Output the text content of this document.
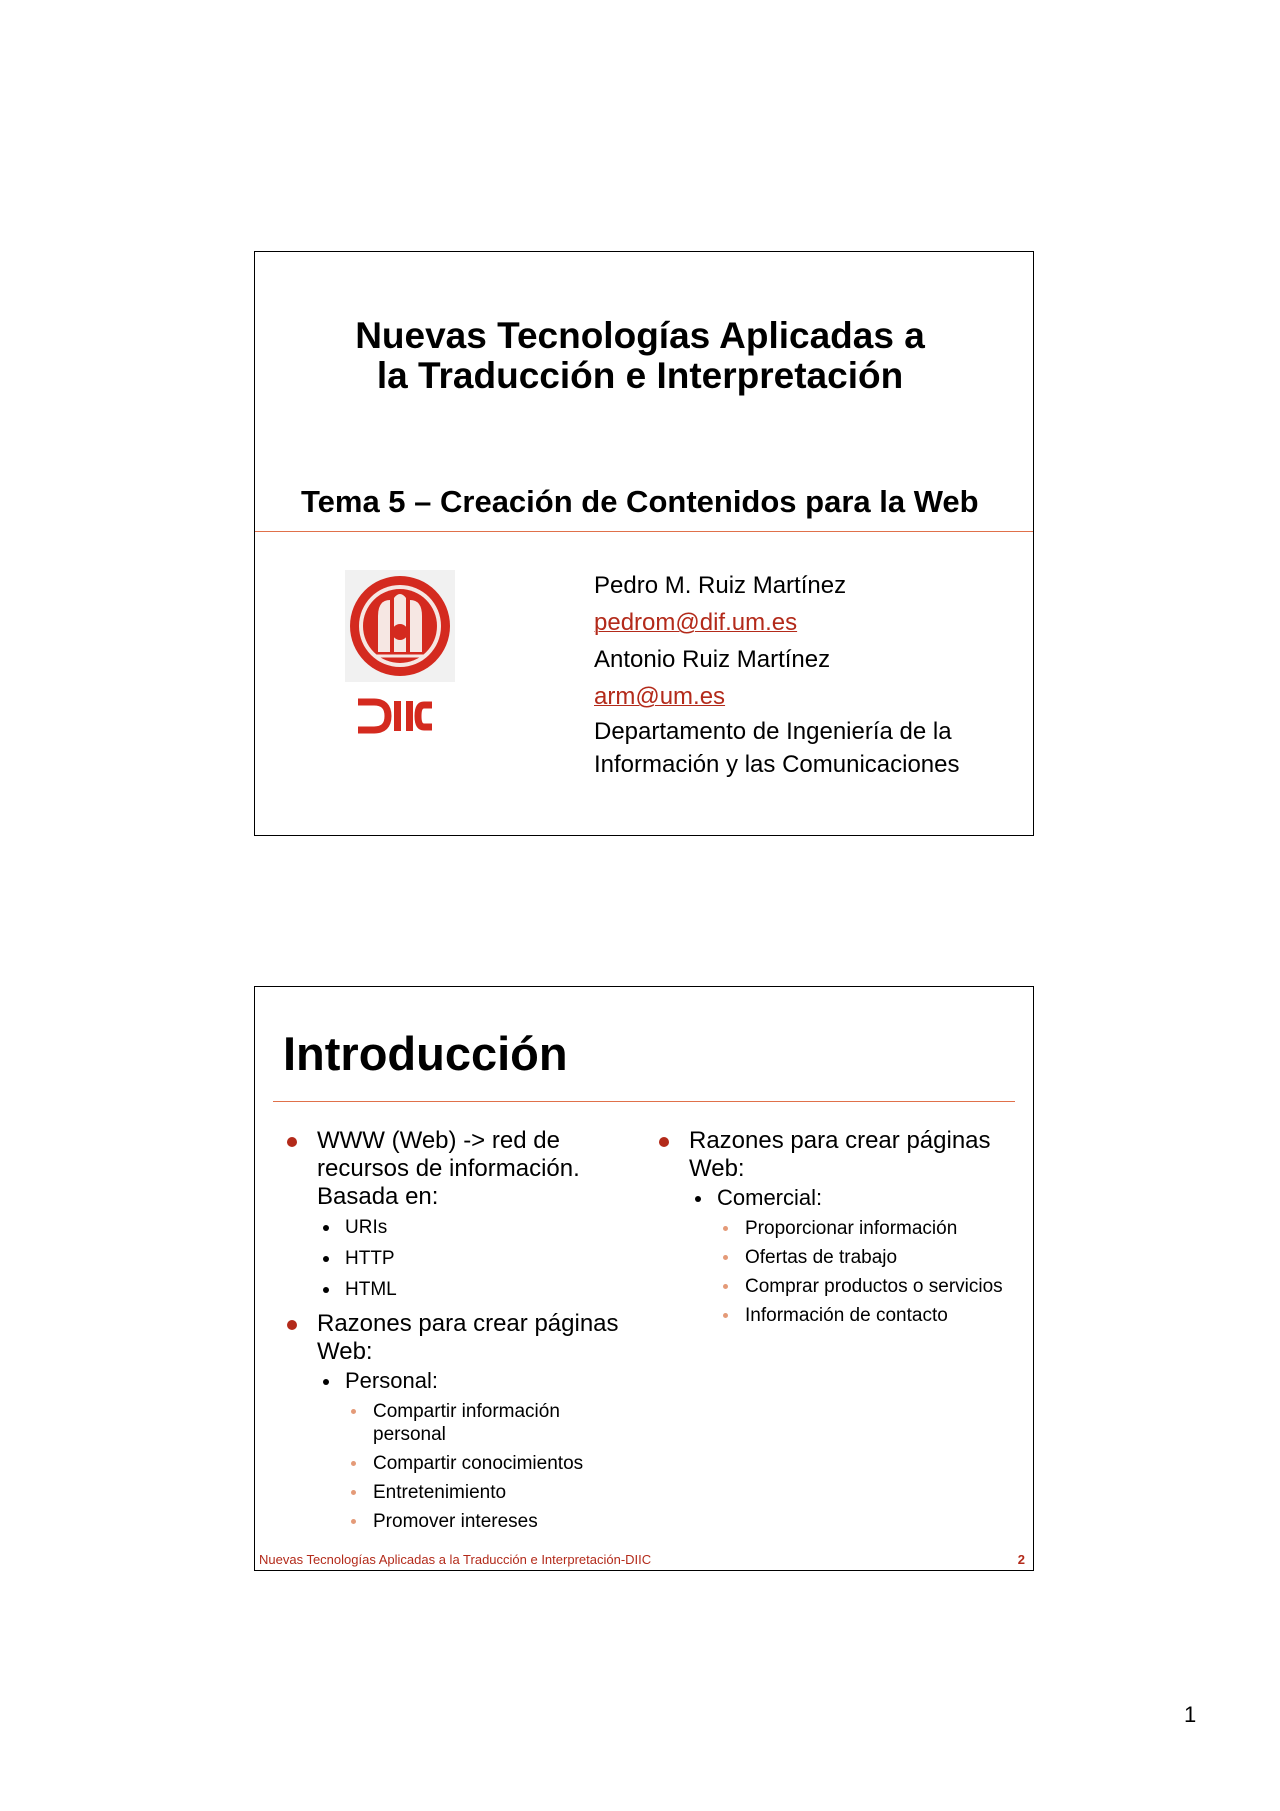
Nuevas Tecnologías Aplicadas a
la Traducción e Interpretación
Tema 5 – Creación de Contenidos para la Web
Pedro M. Ruiz Martínez
pedrom@dif.um.es
Antonio Ruiz Martínez
arm@um.es
Departamento de Ingeniería de la
Información y las Comunicaciones
Introducción
WWW (Web) -> red de recursos de información. Basada en:
URIs
HTTP
HTML
Razones para crear páginas Web:
Personal:
Compartir información personal
Compartir conocimientos
Entretenimiento
Promover intereses
Razones para crear páginas Web:
Comercial:
Proporcionar información
Ofertas de trabajo
Comprar productos o servicios
Información de contacto
Nuevas Tecnologías Aplicadas a la Traducción e Interpretación-DIIC	2
1
